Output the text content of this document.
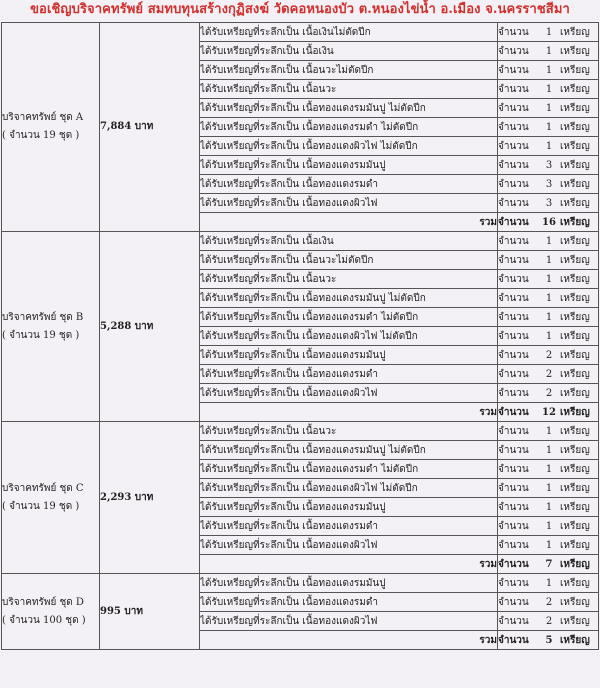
ขอเชิญบริจาคทรัพย์ สมทบทุนสร้างกุฏิสงฆ์ วัดคอหนองบัว ต.หนองไข่น้ำ อ.เมือง จ.นครราชสีมา
บริจาคทรัพย์ ชุด A
( จำนวน 19 ชุด )	7,884 บาท	ได้รับเหรียญที่ระลึกเป็น เนื้อเงินไม่ตัดปีก	จำนวน 1 เหรียญ
		ได้รับเหรียญที่ระลึกเป็น เนื้อเงิน	จำนวน 1 เหรียญ
		ได้รับเหรียญที่ระลึกเป็น เนื้อนวะไม่ตัดปีก	จำนวน 1 เหรียญ
		ได้รับเหรียญที่ระลึกเป็น เนื้อนวะ	จำนวน 1 เหรียญ
		ได้รับเหรียญที่ระลึกเป็น เนื้อทองแดงรมมันปู ไม่ตัดปีก	จำนวน 1 เหรียญ
		ได้รับเหรียญที่ระลึกเป็น เนื้อทองแดงรมดำ ไม่ตัดปีก	จำนวน 1 เหรียญ
		ได้รับเหรียญที่ระลึกเป็น เนื้อทองแดงผิวไฟ ไม่ตัดปีก	จำนวน 1 เหรียญ
		ได้รับเหรียญที่ระลึกเป็น เนื้อทองแดงรมมันปู	จำนวน 3 เหรียญ
		ได้รับเหรียญที่ระลึกเป็น เนื้อทองแดงรมดำ	จำนวน 3 เหรียญ
		ได้รับเหรียญที่ระลึกเป็น เนื้อทองแดงผิวไฟ	จำนวน 3 เหรียญ
		รวม	จำนวน 16 เหรียญ

บริจาคทรัพย์ ชุด B
( จำนวน 19 ชุด )	5,288 บาท	ได้รับเหรียญที่ระลึกเป็น เนื้อเงิน	จำนวน 1 เหรียญ
		ได้รับเหรียญที่ระลึกเป็น เนื้อนวะไม่ตัดปีก	จำนวน 1 เหรียญ
		ได้รับเหรียญที่ระลึกเป็น เนื้อนวะ	จำนวน 1 เหรียญ
		ได้รับเหรียญที่ระลึกเป็น เนื้อทองแดงรมมันปู ไม่ตัดปีก	จำนวน 1 เหรียญ
		ได้รับเหรียญที่ระลึกเป็น เนื้อทองแดงรมดำ ไม่ตัดปีก	จำนวน 1 เหรียญ
		ได้รับเหรียญที่ระลึกเป็น เนื้อทองแดงผิวไฟ ไม่ตัดปีก	จำนวน 1 เหรียญ
		ได้รับเหรียญที่ระลึกเป็น เนื้อทองแดงรมมันปู	จำนวน 2 เหรียญ
		ได้รับเหรียญที่ระลึกเป็น เนื้อทองแดงรมดำ	จำนวน 2 เหรียญ
		ได้รับเหรียญที่ระลึกเป็น เนื้อทองแดงผิวไฟ	จำนวน 2 เหรียญ
		รวม	จำนวน 12 เหรียญ

บริจาคทรัพย์ ชุด C
( จำนวน 19 ชุด )	2,293 บาท	ได้รับเหรียญที่ระลึกเป็น เนื้อนวะ	จำนวน 1 เหรียญ
		ได้รับเหรียญที่ระลึกเป็น เนื้อทองแดงรมมันปู ไม่ตัดปีก	จำนวน 1 เหรียญ
		ได้รับเหรียญที่ระลึกเป็น เนื้อทองแดงรมดำ ไม่ตัดปีก	จำนวน 1 เหรียญ
		ได้รับเหรียญที่ระลึกเป็น เนื้อทองแดงผิวไฟ ไม่ตัดปีก	จำนวน 1 เหรียญ
		ได้รับเหรียญที่ระลึกเป็น เนื้อทองแดงรมมันปู	จำนวน 1 เหรียญ
		ได้รับเหรียญที่ระลึกเป็น เนื้อทองแดงรมดำ	จำนวน 1 เหรียญ
		ได้รับเหรียญที่ระลึกเป็น เนื้อทองแดงผิวไฟ	จำนวน 1 เหรียญ
		รวม	จำนวน 7 เหรียญ

บริจาคทรัพย์ ชุด D
( จำนวน 100 ชุด )	995 บาท	ได้รับเหรียญที่ระลึกเป็น เนื้อทองแดงรมมันปู	จำนวน 1 เหรียญ
		ได้รับเหรียญที่ระลึกเป็น เนื้อทองแดงรมดำ	จำนวน 2 เหรียญ
		ได้รับเหรียญที่ระลึกเป็น เนื้อทองแดงผิวไฟ	จำนวน 2 เหรียญ
		รวม	จำนวน 5 เหรียญ
